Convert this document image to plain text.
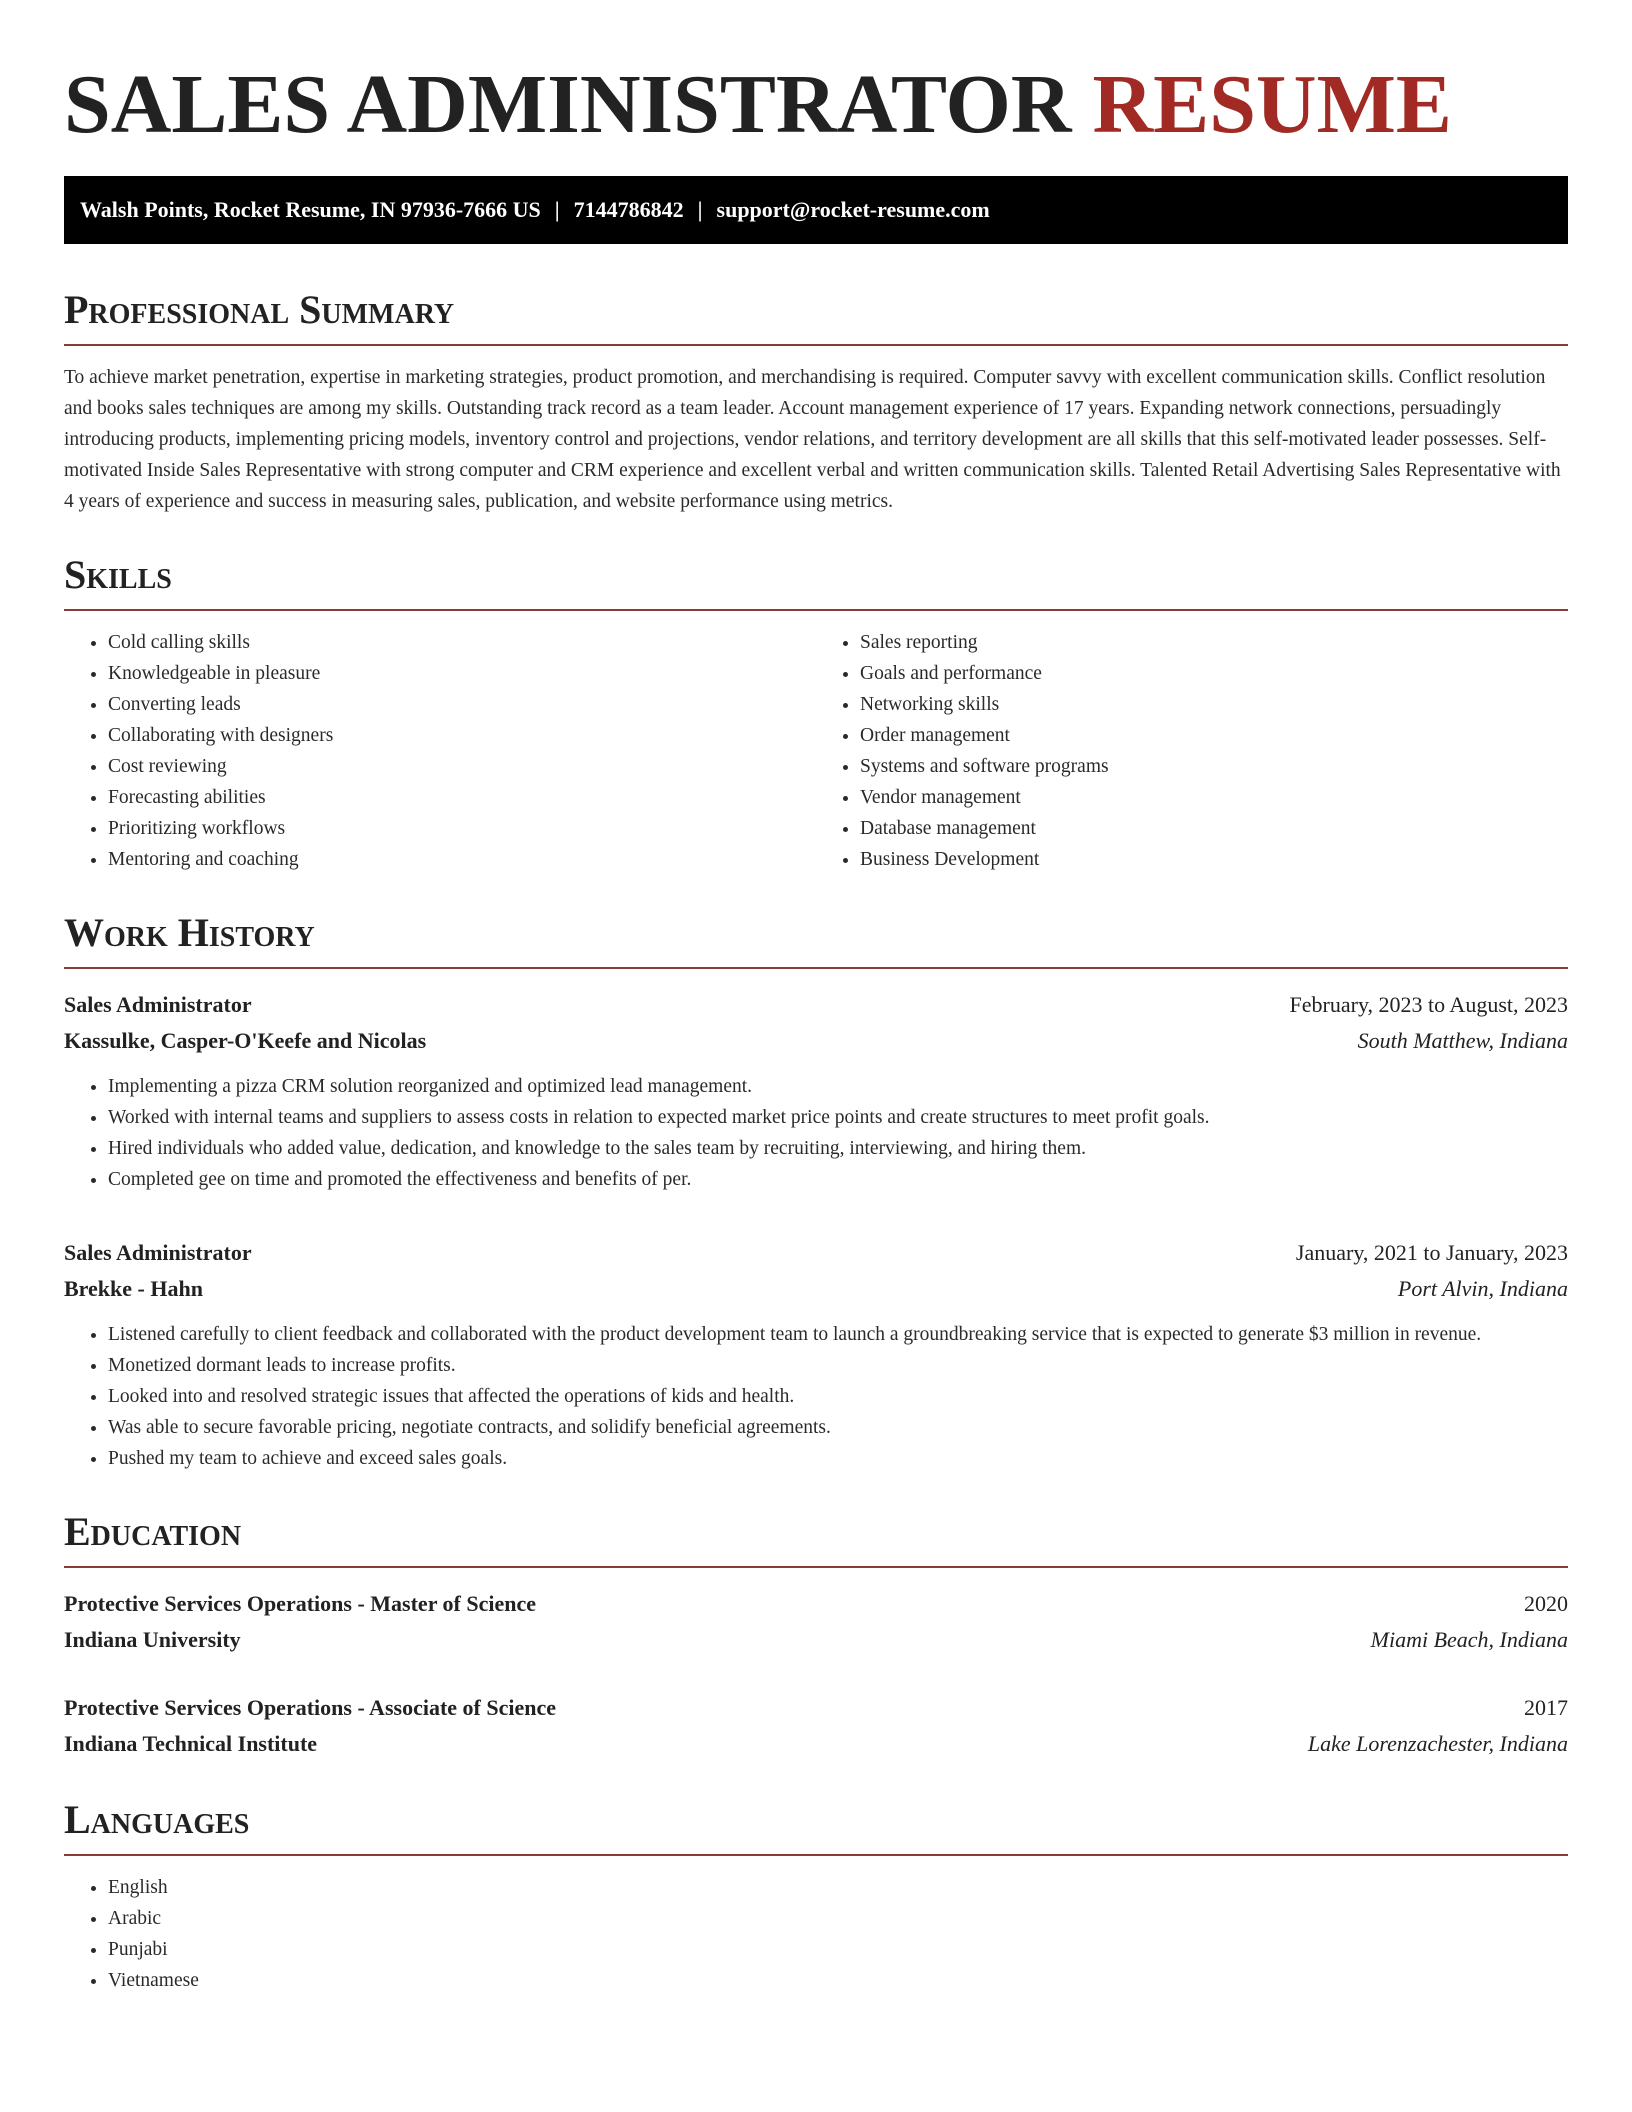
SALES ADMINISTRATOR RESUME
Walsh Points, Rocket Resume, IN 97936-7666 US | 7144786842 | support@rocket-resume.com
Professional Summary

To achieve market penetration, expertise in marketing strategies, product promotion, and merchandising is required. Computer savvy with excellent communication skills. Conflict resolution and books sales techniques are among my skills. Outstanding track record as a team leader. Account management experience of 17 years. Expanding network connections, persuadingly introducing products, implementing pricing models, inventory control and projections, vendor relations, and territory development are all skills that this self-motivated leader possesses. Self-motivated Inside Sales Representative with strong computer and CRM experience and excellent verbal and written communication skills. Talented Retail Advertising Sales Representative with 4 years of experience and success in measuring sales, publication, and website performance using metrics.

Skills
• Cold calling skills
• Knowledgeable in pleasure
• Converting leads
• Collaborating with designers
• Cost reviewing
• Forecasting abilities
• Prioritizing workflows
• Mentoring and coaching
• Sales reporting
• Goals and performance
• Networking skills
• Order management
• Systems and software programs
• Vendor management
• Database management
• Business Development
Work History
Sales Administrator	February, 2023 to August, 2023
Kassulke, Casper-O'Keefe and Nicolas	South Matthew, Indiana
• Implementing a pizza CRM solution reorganized and optimized lead management.
• Worked with internal teams and suppliers to assess costs in relation to expected market price points and create structures to meet profit goals.
• Hired individuals who added value, dedication, and knowledge to the sales team by recruiting, interviewing, and hiring them.
• Completed gee on time and promoted the effectiveness and benefits of per.
Sales Administrator	January, 2021 to January, 2023
Brekke - Hahn	Port Alvin, Indiana
• Listened carefully to client feedback and collaborated with the product development team to launch a groundbreaking service that is expected to generate $3 million in revenue.
• Monetized dormant leads to increase profits.
• Looked into and resolved strategic issues that affected the operations of kids and health.
• Was able to secure favorable pricing, negotiate contracts, and solidify beneficial agreements.
• Pushed my team to achieve and exceed sales goals.
Education
Protective Services Operations - Master of Science	2020
Indiana University	Miami Beach, Indiana
Protective Services Operations - Associate of Science	2017
Indiana Technical Institute	Lake Lorenzachester, Indiana
Languages
• English
• Arabic
• Punjabi
• Vietnamese
